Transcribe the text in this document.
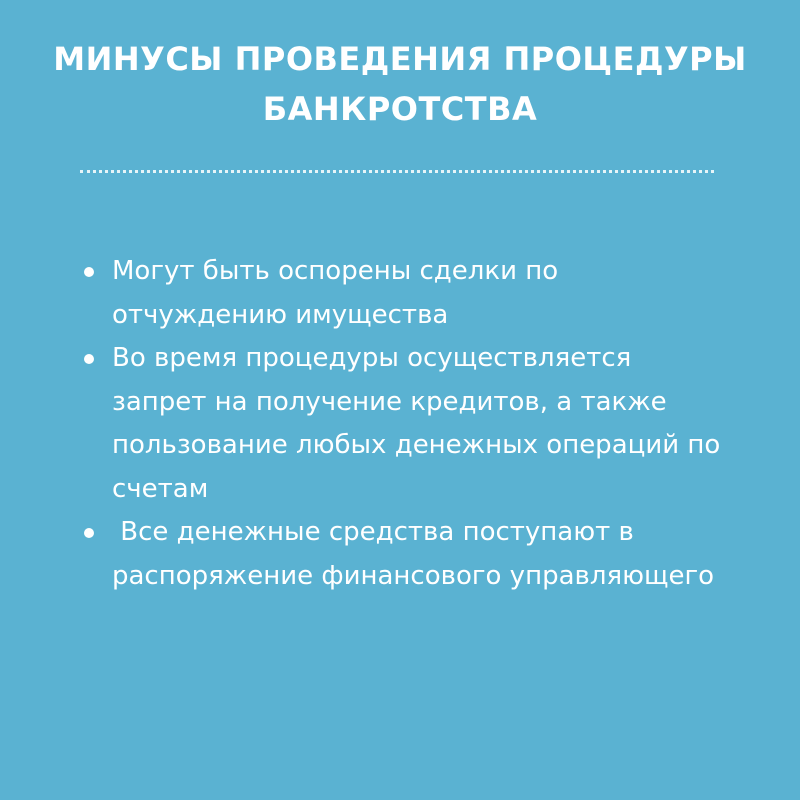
МИНУСЫ ПРОВЕДЕНИЯ ПРОЦЕДУРЫ
БАНКРОТСТВА
Могут быть оспорены сделки по отчуждению имущества
Во время процедуры осуществляется запрет на получение кредитов, а также пользование любых денежных операций по счетам
Все денежные средства поступают в распоряжение финансового управляющего
